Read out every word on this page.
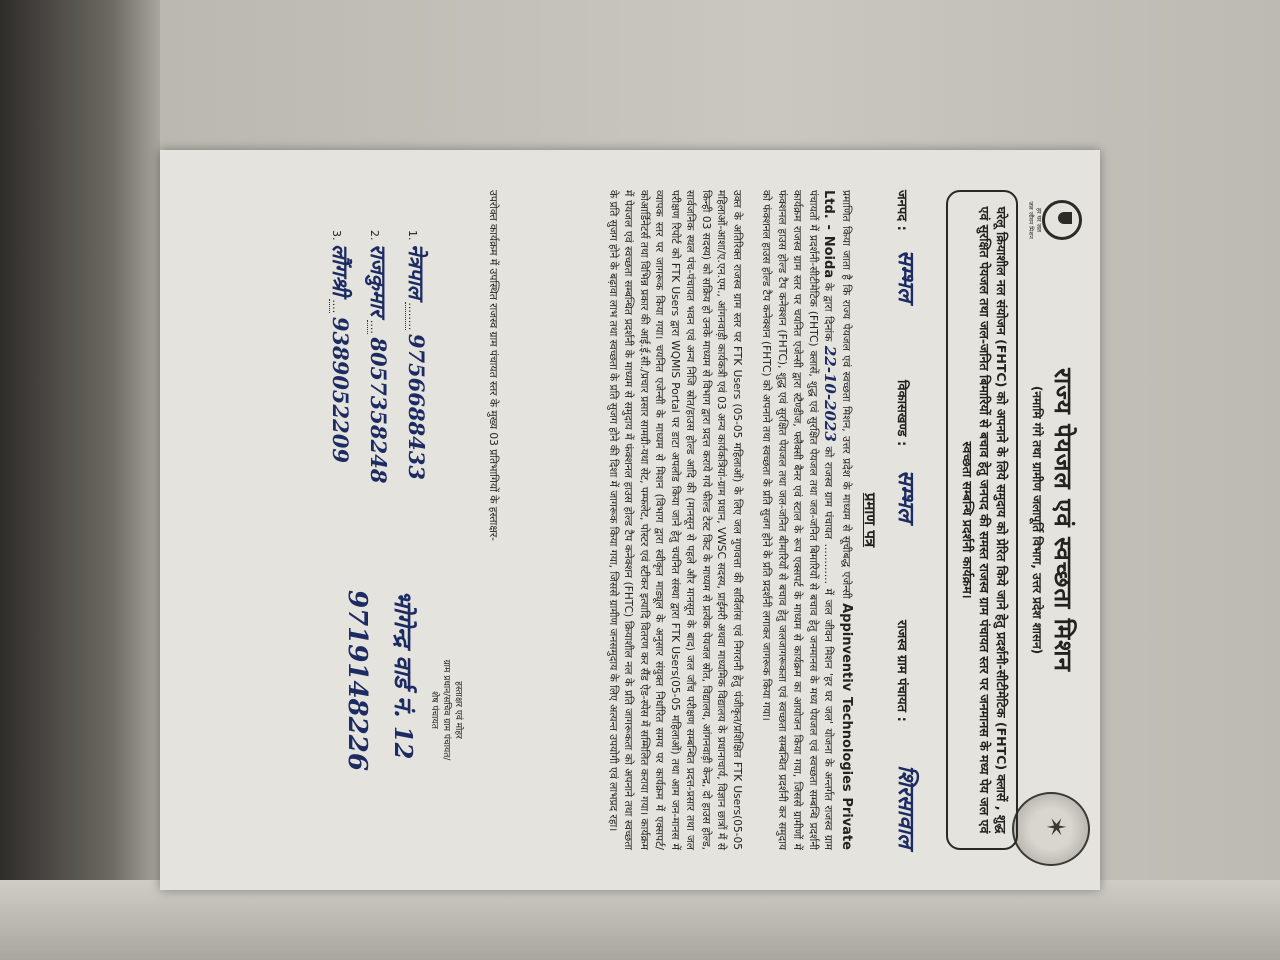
हर घर जल
जल जीवन मिशन
✶
राज्य पेयजल एवं स्वच्छता मिशन
(नमामि गंगे तथा ग्रामीण जलापूर्ति विभाग, उत्तर प्रदेश शासन)
घरेलू क्रियाशील नल संयोजन (FHTC) को अपनाने के लिये समुदाय को प्रेरित किये जाने हेतु प्रदर्शनी-सीटीमेटिक (FHTC) क्लासें , शुद्ध एवं सुरक्षित पेयजल तथा जल-जनित बिमारियों से बचाव हेतु जनपद की समस्त राजस्व ग्राम पंचायत स्तर पर जनमानस के मध्य पेय जल एवं स्वच्छता सम्बन्धि प्रदर्शनी कार्यक्रम।
जनपद :
सम्भल
विकासखण्ड :
सम्भल
राजस्व ग्राम पंचायत :
शिरसावाल
प्रमाण पत्र
प्रमाणित किया जाता है कि राज्य पेयजल एवं स्वच्छता मिशन, उत्तर प्रदेश के माध्यम से सूचीबद्ध एजेन्सी Appinventiv Technologies Private Ltd. - Noida के द्वारा दिनांक 22-10-2023 को राजस्व ग्राम पंचायत ............ में जल जीवन मिशन 'हर घर जल' योजना के अन्तर्गत राजस्व ग्राम पंचायतों में प्रदर्शनी-सीटीमेटिक (FHTC) क्लासें, शुद्ध एवं सुरक्षित पेयजल तथा जल-जनित बिमारियों से बचाव हेतु जनमानस के मध्य पेयजल एवं स्वच्छता सम्बन्धि प्रदर्शनी कार्यक्रम राजस्व ग्राम स्तर पर चयनित एजेन्सी द्वारा स्टैण्डीज, फ्लैक्सी बैनर एवं स्टाल के रूप एक्सपर्ट के माध्यम से कार्यक्रम का आयोजन किया गया, जिससे ग्रामीणों में फंक्शनल हाउस होल्ड टैप कनेक्शन (FHTC), शुद्ध एवं सुरक्षित पेयजल तथा जल-जनित बीमारियों से बचाव हेतु जलजागरूकता एवं स्वच्छता सम्बन्धित प्रदर्शनी कर समुदाय को फंक्शनल हाउस होल्ड टैप कनेक्शन (FHTC) को अपनाने तथा स्वच्छता के प्रति सुजग होने के प्रति प्रदर्शनी लगाकर जागरूक किया गया।
उक्त के अतिरिक्त राजस्व ग्राम स्तर पर FTK Users (05-05 महिलाओं) के लिए जल गुणवत्ता की सर्विलांस एवं निगरानी हेतु पंजीकृत/प्रशिक्षित FTK Users(05-05 महिलाओं-आशा/ए.एन.एम., आंगनवाड़ी कार्यकत्री एवं 03 अन्य कार्यकत्रियां-ग्राम प्रधान, VWSC सदस्य, प्राईमरी अथवा माध्यमिक विद्यालय के प्रधानाचार्य, विज्ञान छात्रों में से किन्ही 03 सदस्य) को सक्रिय हो उनके माध्यम से विभाग द्वारा प्रदत्त कराये गये फील्ड टेस्ट किट के माध्यम से प्रत्येक पेयजल स्रोत, विद्यालय, आंगनवाड़ी केन्द्र, दो हाउस होल्ड, सार्वजनिक स्थल पंच-पंचायत भवन एवं अन्य निजि स्रोत/हाउस होल्ड आदि की (मानसून से पहले और मानसून के बाद) जल जाँच परीक्षण सम्बन्धित प्रदत्त-प्रसार तथा जल परीक्षण रिपोर्ट को FTK Users द्वारा WQMIS Portal पर डाटा अपलोड किया जाने हेतु चयनित संस्था द्वारा FTK Users(05-05 महिलाओं) तथा आम जन-मानस में व्यापक स्तर पर जागरूक किया गया। चयनित एजेन्सी के माध्यम से मिशन (विभाग द्वारा स्वीकृत माड्यूल के अनुसार संयुक्त निर्धारित समय पर कार्यक्रम में एक्सपर्ट/कोआर्डिनेटर्स तथा विभिन्न प्रकार की आई.ई.सी./प्रचार प्रसार सामग्री-यथा सेट, पम्फलेट, पोस्टर एवं स्टीकर इत्यादि वितरण कर सैंड ऐड-स्पेस में सम्मिलित कराया गया। कार्यक्रम में पेयजल एवं स्वच्छता सम्बन्धित प्रदर्शनी के माध्यम से समुदाय में फंक्शनल हाउस होल्ड टैप कनेक्शन (FHTC) क्रियाशील नल के प्रति जागरूकता को अपनाने तथा स्वच्छता के प्रति सुजग होने के बढ़ावा लाभ तथा स्वच्छता के प्रति सुजग होने की दिशा में जागरूक किया गया, जिससे ग्रामीण जनसमुदाय के लिए अत्यन्त उपयोगी एवं लाभप्रद रहा।
उपरोक्त कार्यक्रम में उपस्थित राजस्व ग्राम पंचायत स्तर के मुख्य 03 प्रतिभागियों के हस्ताक्षर-
1. नेत्रपाल ........ 9756688433
2. राजकुमार .... 8057358248
3. लौंगश्री .... 9389052209
हस्ताक्षर एवं मोहर
ग्राम प्रधान/सचिव ग्राम पंचायत/
शेष पंचायत
भोगेन्द्र वार्ड नं. 12
9719148226
